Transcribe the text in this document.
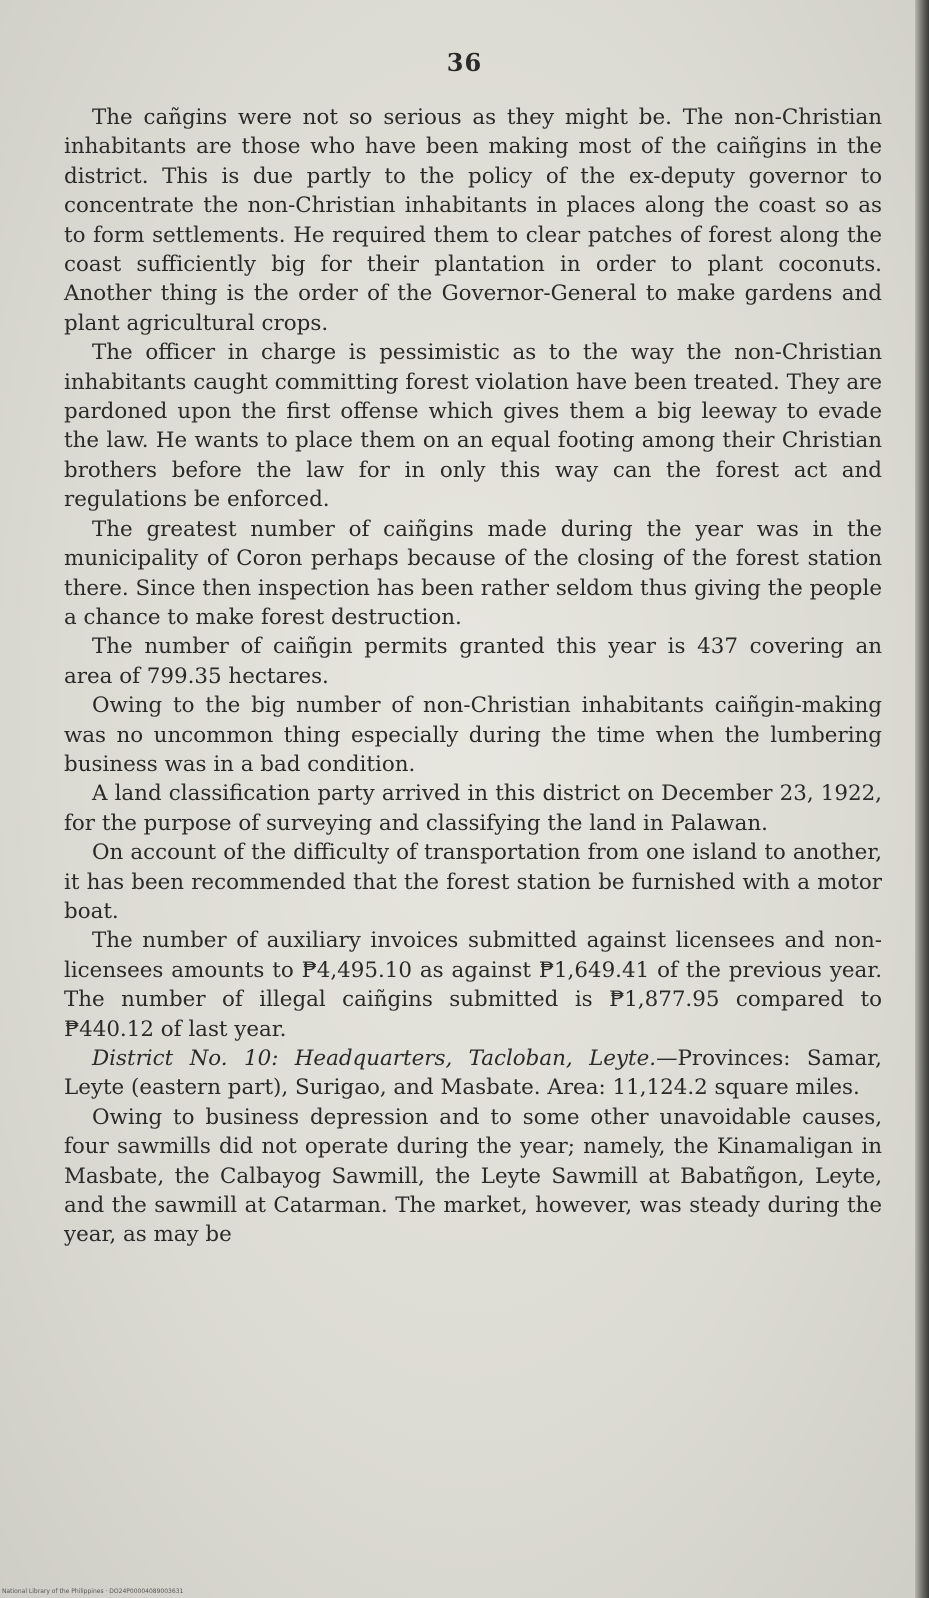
36

The cañgins were not so serious as they might be. The non-Christian inhabitants are those who have been making most of the caiñgins in the district. This is due partly to the policy of the ex-deputy governor to concentrate the non-Christian inhabitants in places along the coast so as to form settlements. He required them to clear patches of forest along the coast sufficiently big for their plantation in order to plant coconuts. Another thing is the order of the Governor-General to make gardens and plant agricultural crops.

The officer in charge is pessimistic as to the way the non-Christian inhabitants caught committing forest violation have been treated. They are pardoned upon the first offense which gives them a big leeway to evade the law. He wants to place them on an equal footing among their Christian brothers before the law for in only this way can the forest act and regulations be enforced.

The greatest number of caiñgins made during the year was in the municipality of Coron perhaps because of the closing of the forest station there. Since then inspection has been rather seldom thus giving the people a chance to make forest destruction.

The number of caiñgin permits granted this year is 437 covering an area of 799.35 hectares.

Owing to the big number of non-Christian inhabitants caiñgin-making was no uncommon thing especially during the time when the lumbering business was in a bad condition.

A land classification party arrived in this district on December 23, 1922, for the purpose of surveying and classifying the land in Palawan.

On account of the difficulty of transportation from one island to another, it has been recommended that the forest station be furnished with a motor boat.

The number of auxiliary invoices submitted against licensees and non-licensees amounts to ₱4,495.10 as against ₱1,649.41 of the previous year. The number of illegal caiñgins submitted is ₱1,877.95 compared to ₱440.12 of last year.

District No. 10: Headquarters, Tacloban, Leyte.—Provinces: Samar, Leyte (eastern part), Surigao, and Masbate. Area: 11,124.2 square miles.

Owing to business depression and to some other unavoidable causes, four sawmills did not operate during the year; namely, the Kinamaligan in Masbate, the Calbayog Sawmill, the Leyte Sawmill at Babatñgon, Leyte, and the sawmill at Catarman. The market, however, was steady during the year, as may be

National Library of the Philippines · DO24P00004089003631
